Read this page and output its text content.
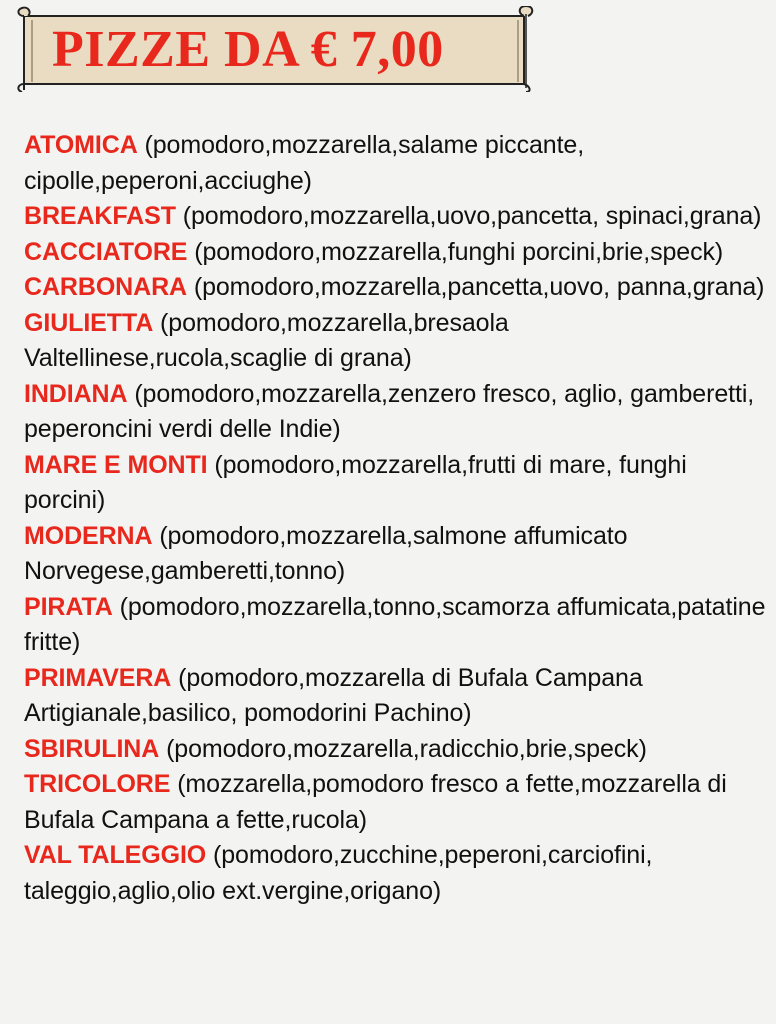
PIZZE DA € 7,00
ATOMICA (pomodoro,mozzarella,salame piccante, cipolle,peperoni,acciughe)
BREAKFAST (pomodoro,mozzarella,uovo,pancetta, spinaci,grana)
CACCIATORE (pomodoro,mozzarella,funghi porcini,brie,speck)
CARBONARA (pomodoro,mozzarella,pancetta,uovo, panna,grana)
GIULIETTA (pomodoro,mozzarella,bresaola Valtellinese,rucola,scaglie di grana)
INDIANA (pomodoro,mozzarella,zenzero fresco, aglio, gamberetti, peperoncini verdi delle Indie)
MARE E MONTI (pomodoro,mozzarella,frutti di mare, funghi porcini)
MODERNA (pomodoro,mozzarella,salmone affumicato Norvegese,gamberetti,tonno)
PIRATA (pomodoro,mozzarella,tonno,scamorza affumicata,patatine fritte)
PRIMAVERA (pomodoro,mozzarella di Bufala Campana Artigianale,basilico, pomodorini Pachino)
SBIRULINA (pomodoro,mozzarella,radicchio,brie,speck)
TRICOLORE (mozzarella,pomodoro fresco a fette,mozzarella di Bufala Campana a fette,rucola)
VAL TALEGGIO (pomodoro,zucchine,peperoni,carciofini, taleggio,aglio,olio ext.vergine,origano)
